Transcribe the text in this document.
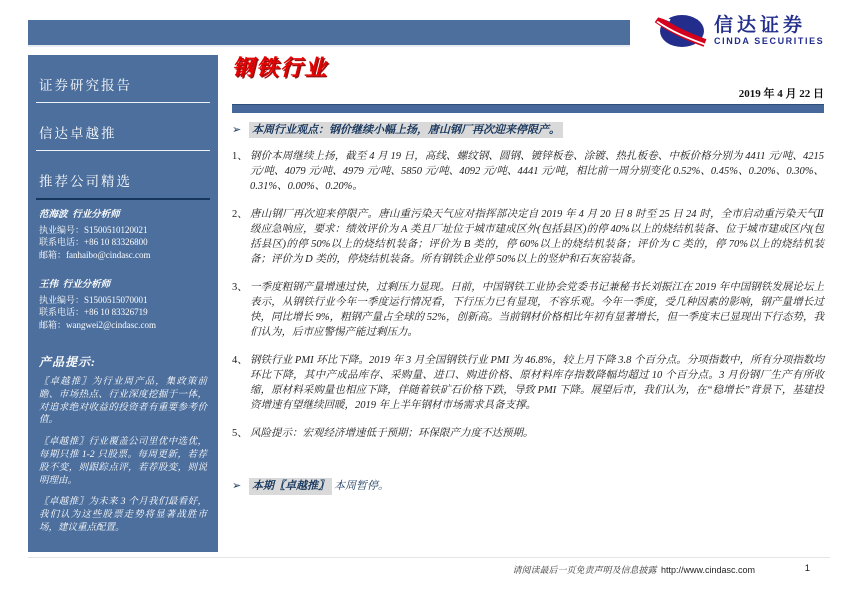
信达证券
CINDA SECURITIES
证券研究报告
信达卓越推
推荐公司精选
范海波 行业分析师
执业编号：S1500510120021
联系电话：+86 10 83326800
邮箱：fanhaibo@cindasc.com
王伟 行业分析师
执业编号：S1500515070001
联系电话：+86 10 83326719
邮箱：wangwei2@cindasc.com
产品提示:
〖卓越推〗为行业周产品，集政策前瞻、市场热点、行业深度挖掘于一体，对追求绝对收益的投资者有重要参考价值。
〖卓越推〗行业覆盖公司里优中选优，每期只推 1-2 只股票。每周更新，若荐股不变，则跟踪点评，若荐股变，则说明理由。
〖卓越推〗为未来 3 个月我们最看好，我们认为这些股票走势将显著战胜市场，建议重点配置。
CINDA SECURITIES CO.,LTD
北京市西城区闹市口大街9号院1号楼
邮编： 100031
钢铁行业
2019 年 4 月 22 日
➢ 本周行业观点：钢价继续小幅上扬，唐山钢厂再次迎来停限产。
1、 钢价本周继续上扬，截至 4 月 19 日，高线、螺纹钢、圆钢、镀锌板卷、涂镀、热扎板卷、中板价格分别为 4411 元/吨、4215 元/吨、4079 元/吨、4979 元/吨、5850 元/吨、4092 元/吨、4441 元/吨，相比前一周分别变化 0.52%、0.45%、0.20%、0.30%、0.31%、0.00%、0.20%。
2、 唐山钢厂再次迎来停限产。唐山重污染天气应对指挥部决定自 2019 年 4 月 20 日 8 时至 25 日 24 时，全市启动重污染天气Ⅱ级应急响应，要求：绩效评价为 A 类且厂址位于城市建成区外(包括县区)的停 40%以上的烧结机装备、位于城市建成区内(包括县区)的停 50%以上的烧结机装备；评价为 B 类的，停 60%以上的烧结机装备；评价为 C 类的，停 70%以上的烧结机装备；评价为 D 类的，停烧结机装备。所有钢铁企业停 50%以上的竖炉和石灰窑装备。
3、 一季度粗钢产量增速过快，过剩压力显现。日前，中国钢铁工业协会党委书记兼秘书长刘振江在 2019 年中国钢铁发展论坛上表示，从钢铁行业今年一季度运行情况看，下行压力已有显现，不容乐观。今年一季度，受几种因素的影响，钢产量增长过快，同比增长 9%，粗钢产量占全球的 52%，创新高。当前钢材价格相比年初有显著增长，但一季度末已显现出下行态势，我们认为，后市应警惕产能过剩压力。
4、 钢铁行业 PMI 环比下降。2019 年 3 月全国钢铁行业 PMI 为 46.8%，较上月下降 3.8 个百分点。分项指数中，所有分项指数均环比下降，其中产成品库存、采购量、进口、购进价格、原材料库存指数降幅均超过 10 个百分点。3 月份钢厂生产有所收缩，原材料采购量也相应下降，伴随着铁矿石价格下跌，导致 PMI 下降。展望后市，我们认为，在“稳增长”背景下，基建投资增速有望继续回暖，2019 年上半年钢材市场需求具备支撑。
5、 风险提示：宏观经济增速低于预期；环保限产力度不达预期。
➢ 本期〖卓越推〗 本周暂停。
请阅读最后一页免责声明及信息披露 http://www.cindasc.com	1
